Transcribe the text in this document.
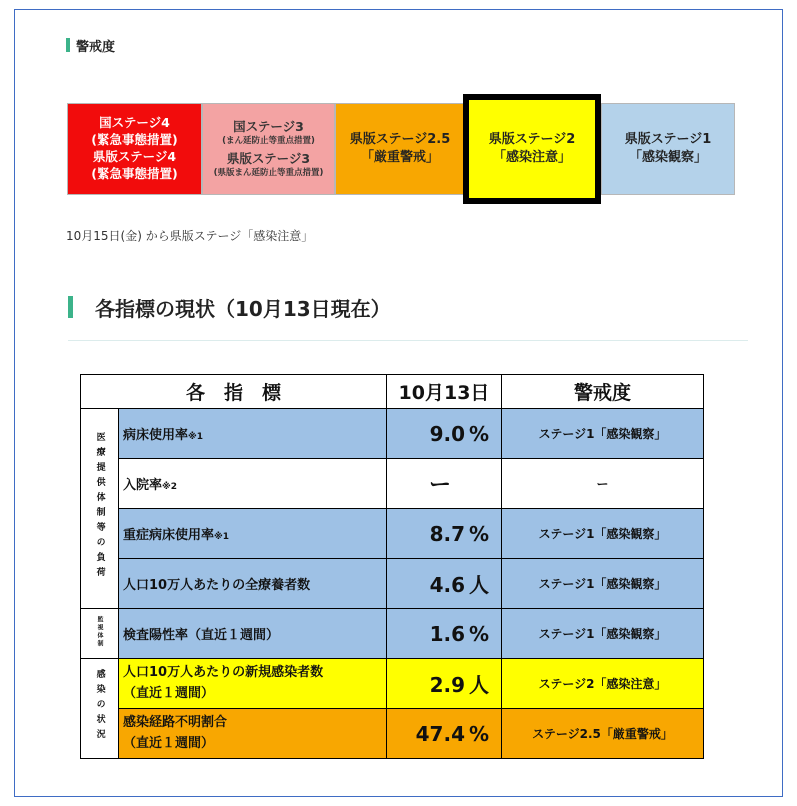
警戒度
国ステージ4
(緊急事態措置)
県版ステージ4
(緊急事態措置)
国ステージ3
(まん延防止等重点措置)
県版ステージ3
(県版まん延防止等重点措置)
県版ステージ2.5
「厳重警戒」
県版ステージ2
「感染注意」
県版ステージ1
「感染観察」
10月15日(金) から県版ステージ「感染注意」
各指標の現状（10月13日現在）
各　指　標		10月13日	警戒度
医療提供体制等の負荷	病床使用率※1	9.0 %	ステージ1「感染観察」
	入院率※2	ー	ー
	重症病床使用率※1	8.7 %	ステージ1「感染観察」
	人口10万人あたりの全療養者数	4.6 人	ステージ1「感染観察」
監視体制	検査陽性率（直近１週間）	1.6 %	ステージ1「感染観察」
感染の状況	人口10万人あたりの新規感染者数
（直近１週間）	2.9 人	ステージ2「感染注意」
	感染経路不明割合
（直近１週間）	47.4 %	ステージ2.5「厳重警戒」
